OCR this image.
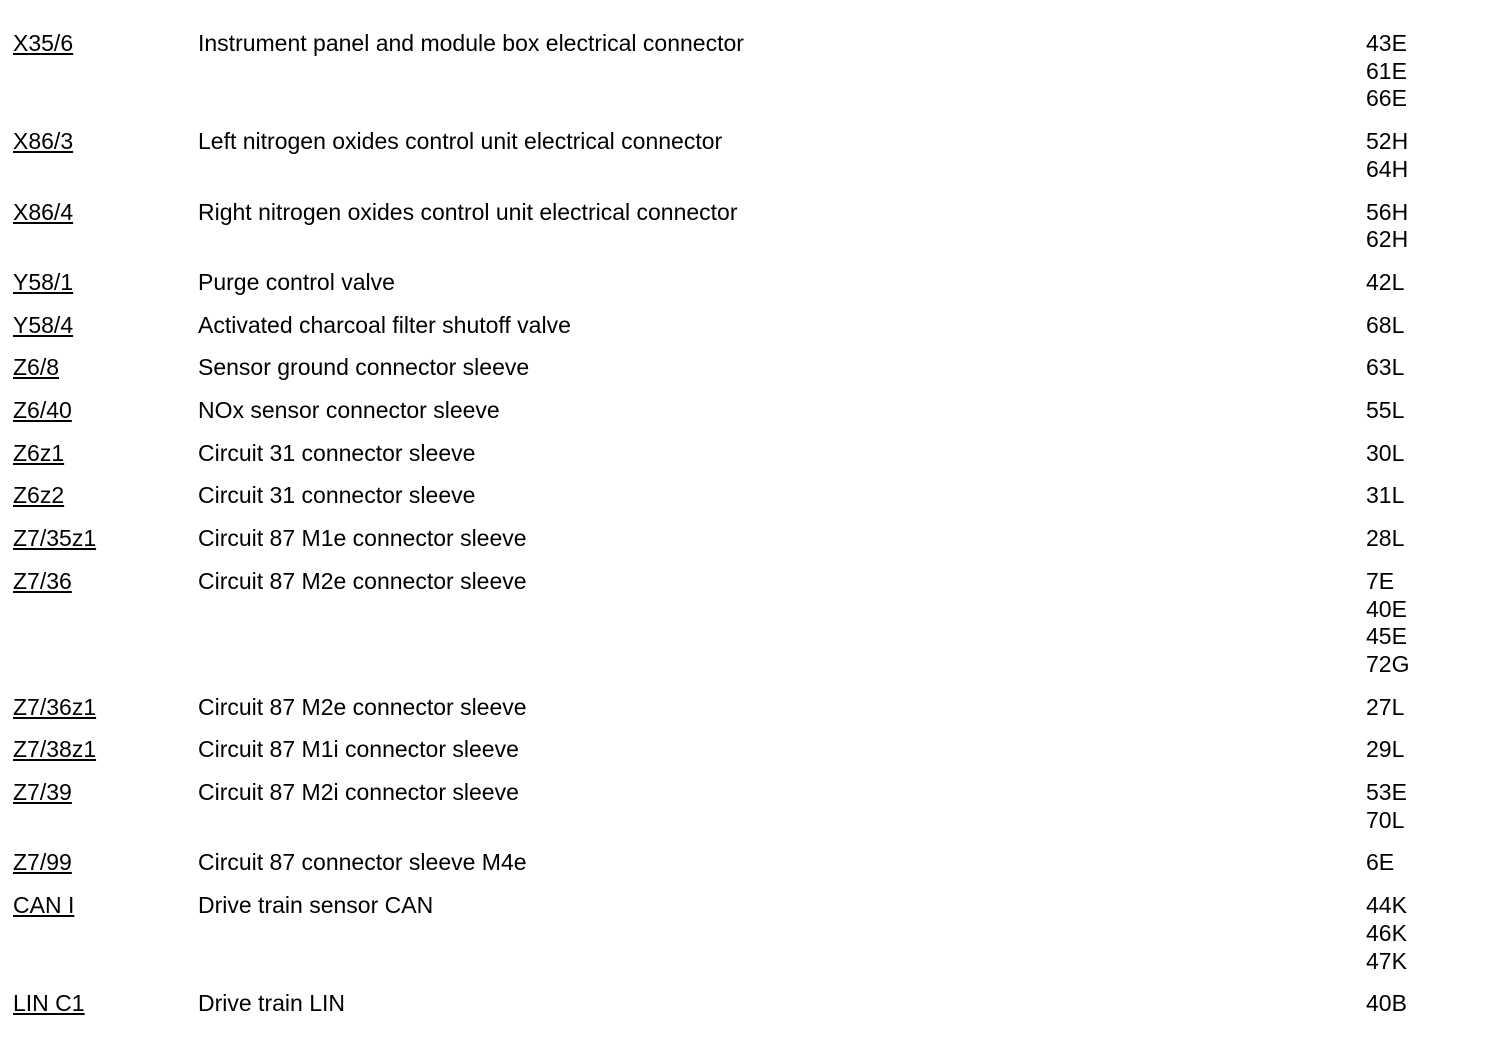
X35/6	Instrument panel and module box electrical connector	43E
61E
66E
X86/3	Left nitrogen oxides control unit electrical connector	52H
64H
X86/4	Right nitrogen oxides control unit electrical connector	56H
62H
Y58/1	Purge control valve	42L
Y58/4	Activated charcoal filter shutoff valve	68L
Z6/8	Sensor ground connector sleeve	63L
Z6/40	NOx sensor connector sleeve	55L
Z6z1	Circuit 31 connector sleeve	30L
Z6z2	Circuit 31 connector sleeve	31L
Z7/35z1	Circuit 87 M1e connector sleeve	28L
Z7/36	Circuit 87 M2e connector sleeve	7E
40E
45E
72G
Z7/36z1	Circuit 87 M2e connector sleeve	27L
Z7/38z1	Circuit 87 M1i connector sleeve	29L
Z7/39	Circuit 87 M2i connector sleeve	53E
70L
Z7/99	Circuit 87 connector sleeve M4e	6E
CAN I	Drive train sensor CAN	44K
46K
47K
LIN C1	Drive train LIN	40B
